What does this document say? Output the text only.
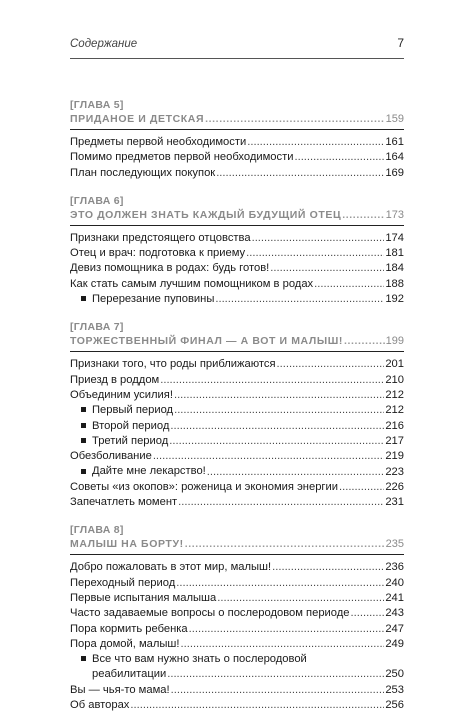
Содержание	7
[ГЛАВА 5]
ПРИДАНОЕ И ДЕТСКАЯ .....	159
Предметы первой необходимости .....	161
Помимо предметов первой необходимости .....	164
План последующих покупок .....	169
[ГЛАВА 6]
ЭТО ДОЛЖЕН ЗНАТЬ КАЖДЫЙ БУДУЩИЙ ОТЕЦ .....	173
Признаки предстоящего отцовства .....	174
Отец и врач: подготовка к приему .....	181
Девиз помощника в родах: будь готов! .....	184
Как стать самым лучшим помощником в родах .....	188
Перерезание пуповины .....	192
[ГЛАВА 7]
ТОРЖЕСТВЕННЫЙ ФИНАЛ — А ВОТ И МАЛЫШ! .....	199
Признаки того, что роды приближаются .....	201
Приезд в роддом .....	210
Объединим усилия! .....	212
Первый период .....	212
Второй период .....	216
Третий период .....	217
Обезболивание .....	219
Дайте мне лекарство! .....	223
Советы «из окопов»: роженица и экономия энергии .....	226
Запечатлеть момент .....	231
[ГЛАВА 8]
МАЛЫШ НА БОРТУ! .....	235
Добро пожаловать в этот мир, малыш! .....	236
Переходный период .....	240
Первые испытания малыша .....	241
Часто задаваемые вопросы о послеродовом периоде .....	243
Пора кормить ребенка .....	247
Пора домой, малыш! .....	249
Все что вам нужно знать о послеродовой
реабилитации .....	250
Вы — чья-то мама! .....	253
Об авторах .....	256
